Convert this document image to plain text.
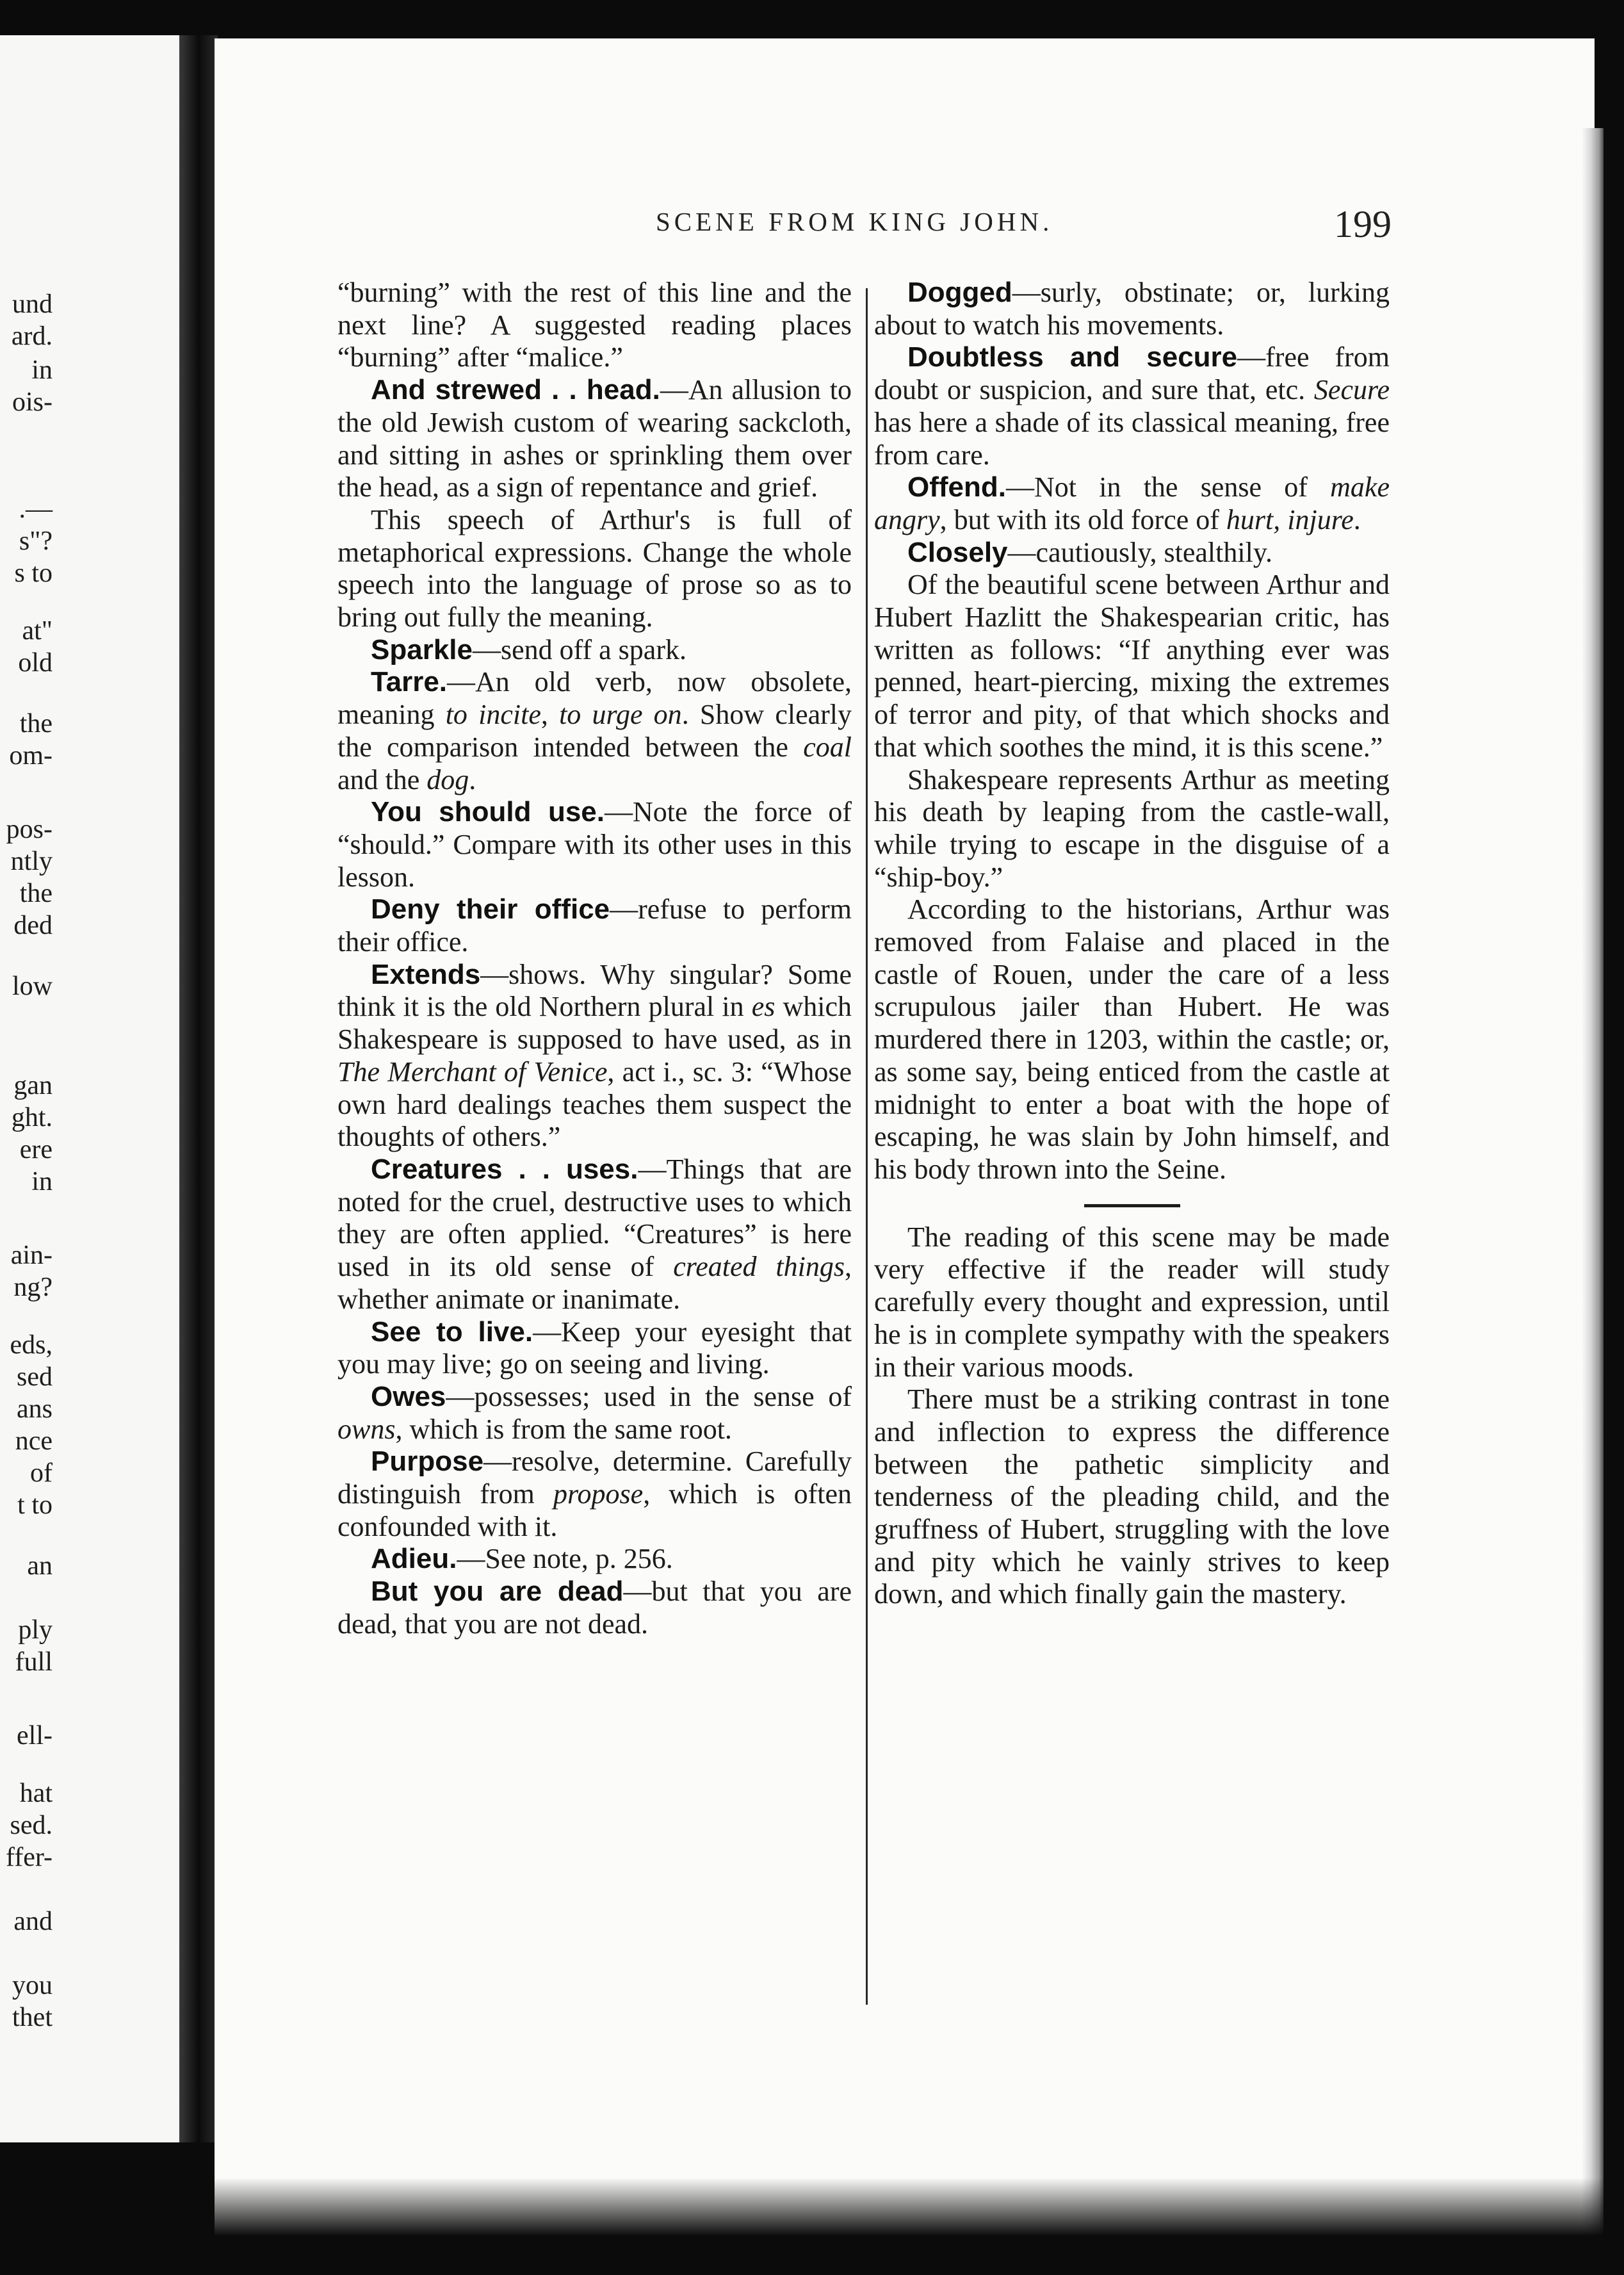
und
ard.
in
ois-
.—
s"?
s to
at"
old
the
om-
pos-
ntly
the
ded
low
gan
ght.
ere
in
ain-
ng?
eds,
sed
ans
nce
of
t to
an
ply
full
ell-
hat
sed.
ffer-
and
you
thet
SCENE FROM KING JOHN.	199

“burning” with the rest of this line and the next line? A suggested reading places “burning” after “malice.”

And strewed . . head.—An allusion to the old Jewish custom of wearing sackcloth, and sitting in ashes or sprinkling them over the head, as a sign of repentance and grief.

This speech of Arthur's is full of metaphorical expressions. Change the whole speech into the language of prose so as to bring out fully the meaning.

Sparkle—send off a spark.

Tarre.—An old verb, now obsolete, meaning to incite, to urge on. Show clearly the comparison intended between the coal and the dog.

You should use.—Note the force of “should.” Compare with its other uses in this lesson.

Deny their office—refuse to perform their office.

Extends—shows. Why singular? Some think it is the old Northern plural in es which Shakespeare is supposed to have used, as in The Merchant of Venice, act i., sc. 3: “Whose own hard dealings teaches them suspect the thoughts of others.”

Creatures . . uses.—Things that are noted for the cruel, destructive uses to which they are often applied. “Creatures” is here used in its old sense of created things, whether animate or inanimate.

See to live.—Keep your eyesight that you may live; go on seeing and living.

Owes—possesses; used in the sense of owns, which is from the same root.

Purpose—resolve, determine. Carefully distinguish from propose, which is often confounded with it.

Adieu.—See note, p. 256.

But you are dead—but that you are dead, that you are not dead.

Dogged—surly, obstinate; or, lurking about to watch his movements.

Doubtless and secure—free from doubt or suspicion, and sure that, etc. Secure has here a shade of its classical meaning, free from care.

Offend.—Not in the sense of make angry, but with its old force of hurt, injure.

Closely—cautiously, stealthily.

Of the beautiful scene between Arthur and Hubert Hazlitt the Shakespearian critic, has written as follows: “If anything ever was penned, heart-piercing, mixing the extremes of terror and pity, of that which shocks and that which soothes the mind, it is this scene.”

Shakespeare represents Arthur as meeting his death by leaping from the castle-wall, while trying to escape in the disguise of a “ship-boy.”

According to the historians, Arthur was removed from Falaise and placed in the castle of Rouen, under the care of a less scrupulous jailer than Hubert. He was murdered there in 1203, within the castle; or, as some say, being enticed from the castle at midnight to enter a boat with the hope of escaping, he was slain by John himself, and his body thrown into the Seine.

The reading of this scene may be made very effective if the reader will study carefully every thought and expression, until he is in complete sympathy with the speakers in their various moods.

There must be a striking contrast in tone and inflection to express the difference between the pathetic simplicity and tenderness of the pleading child, and the gruffness of Hubert, struggling with the love and pity which he vainly strives to keep down, and which finally gain the mastery.
